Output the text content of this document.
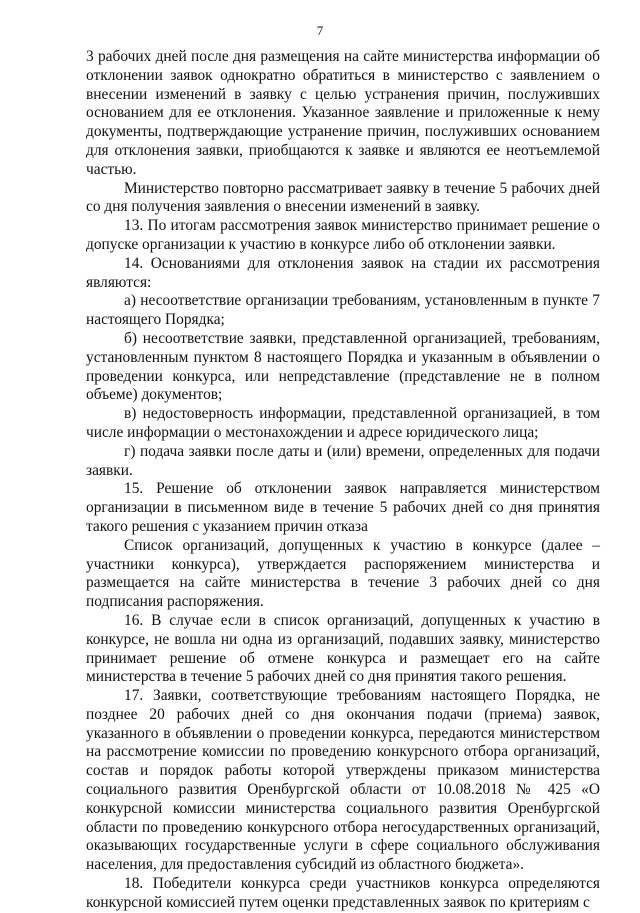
7

3 рабочих дней после дня размещения на сайте министерства информации об отклонении заявок однократно обратиться в министерство с заявлением о внесении изменений в заявку с целью устранения причин, послуживших основанием для ее отклонения. Указанное заявление и приложенные к нему документы, подтверждающие устранение причин, послуживших основанием для отклонения заявки, приобщаются к заявке и являются ее неотъемлемой частью.

Министерство повторно рассматривает заявку в течение 5 рабочих дней со дня получения заявления о внесении изменений в заявку.

13. По итогам рассмотрения заявок министерство принимает решение о допуске организации к участию в конкурсе либо об отклонении заявки.

14. Основаниями для отклонения заявок на стадии их рассмотрения являются:

а) несоответствие организации требованиям, установленным в пункте 7 настоящего Порядка;

б) несоответствие заявки, представленной организацией, требованиям, установленным пунктом 8 настоящего Порядка и указанным в объявлении о проведении конкурса, или непредставление (представление не в полном объеме) документов;

в) недостоверность информации, представленной организацией, в том числе информации о местонахождении и адресе юридического лица;

г) подача заявки после даты и (или) времени, определенных для подачи заявки.

15. Решение об отклонении заявок направляется министерством организации в письменном виде в течение 5 рабочих дней со дня принятия такого решения с указанием причин отказа

Список организаций, допущенных к участию в конкурсе (далее – участники конкурса), утверждается распоряжением министерства и размещается на сайте министерства в течение 3 рабочих дней со дня подписания распоряжения.

16. В случае если в список организаций, допущенных к участию в конкурсе, не вошла ни одна из организаций, подавших заявку, министерство принимает решение об отмене конкурса и размещает его на сайте министерства в течение 5 рабочих дней со дня принятия такого решения.

17. Заявки, соответствующие требованиям настоящего Порядка, не позднее 20 рабочих дней со дня окончания подачи (приема) заявок, указанного в объявлении о проведении конкурса, передаются министерством на рассмотрение комиссии по проведению конкурсного отбора организаций, состав и порядок работы которой утверждены приказом министерства социального развития Оренбургской области от 10.08.2018 № 425 «О конкурсной комиссии министерства социального развития Оренбургской области по проведению конкурсного отбора негосударственных организаций, оказывающих государственные услуги в сфере социального обслуживания населения, для предоставления субсидий из областного бюджета».

18. Победители конкурса среди участников конкурса определяются конкурсной комиссией путем оценки представленных заявок по критериям с
